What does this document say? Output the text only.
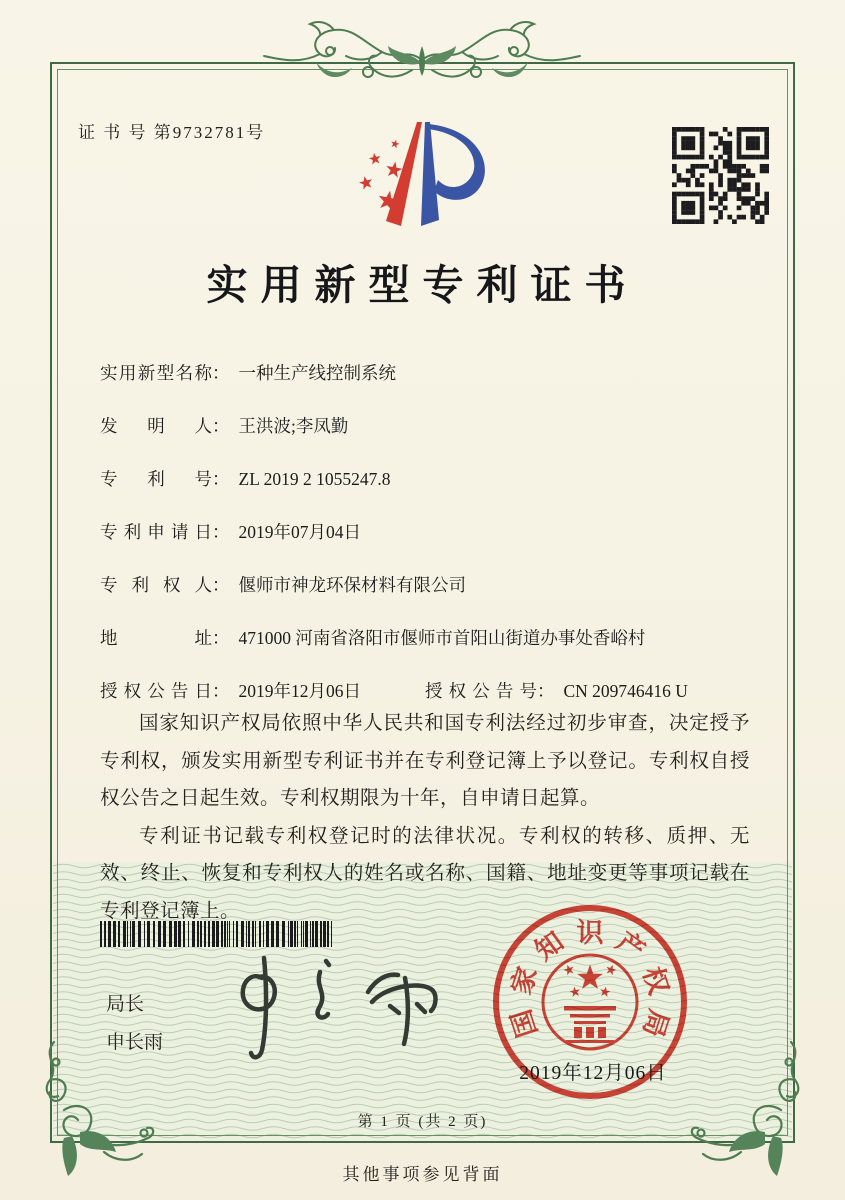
证 书 号 第9732781号
实用新型专利证书
实用新型名称： 一种生产线控制系统
发 明 人： 王洪波;李凤勤
专 利 号： ZL 2019 2 1055247.8
专利申请日： 2019年07月04日
专 利 权 人： 偃师市神龙环保材料有限公司
地 址： 471000 河南省洛阳市偃师市首阳山街道办事处香峪村
授权公告日： 2019年12月06日	授权公告号： CN 209746416 U

国家知识产权局依照中华人民共和国专利法经过初步审查，决定授予专利权，颁发实用新型专利证书并在专利登记簿上予以登记。专利权自授权公告之日起生效。专利权期限为十年，自申请日起算。

专利证书记载专利权登记时的法律状况。专利权的转移、质押、无效、终止、恢复和专利权人的姓名或名称、国籍、地址变更等事项记载在专利登记簿上。

局长
申长雨
国
家
知 识 产
权
局
2019年12月06日
第 1 页 (共 2 页)
其他事项参见背面
